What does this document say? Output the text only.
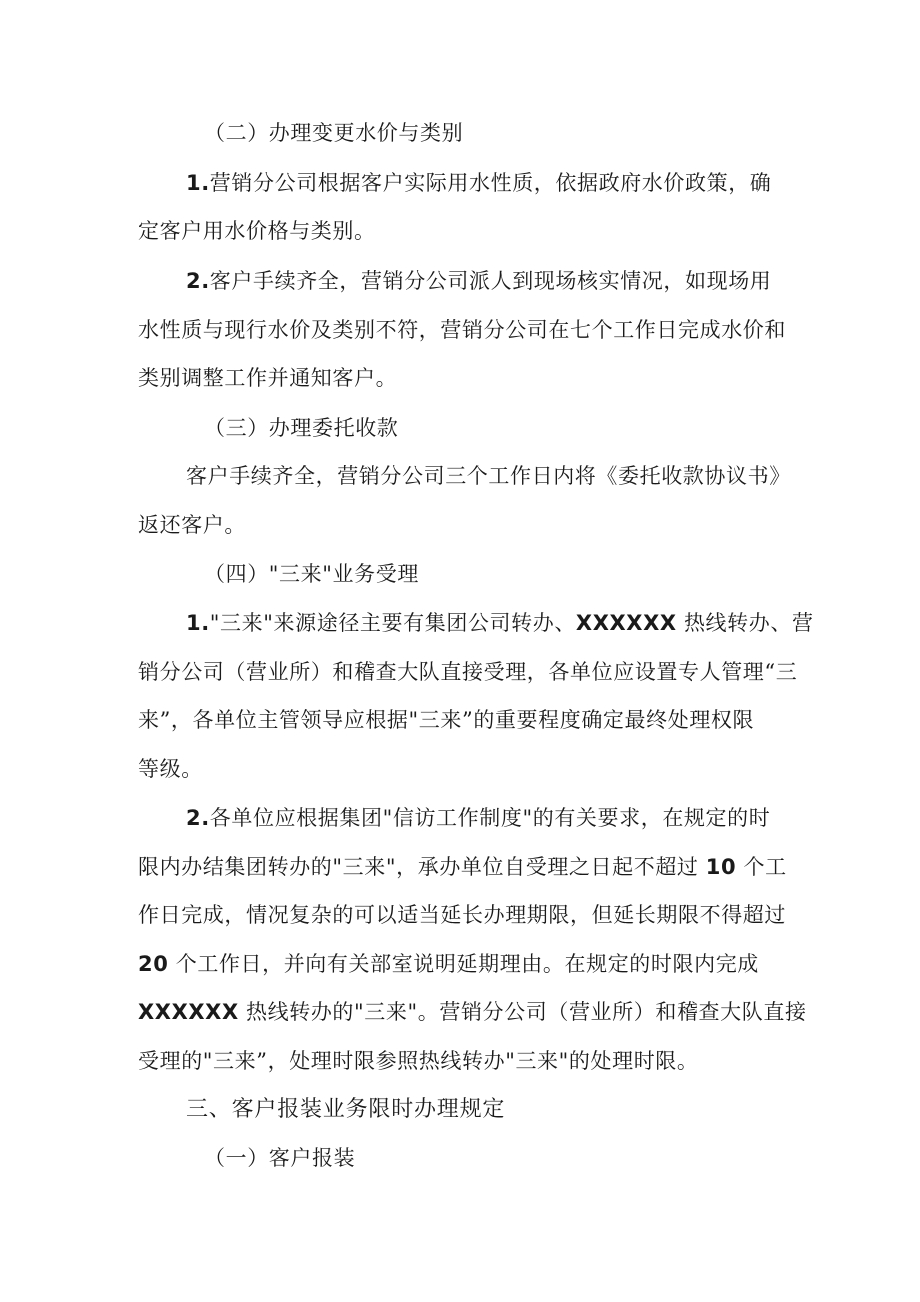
（二）办理变更水价与类别
1.营销分公司根据客户实际用水性质，依据政府水价政策，确
定客户用水价格与类别。
2.客户手续齐全，营销分公司派人到现场核实情况，如现场用
水性质与现行水价及类别不符，营销分公司在七个工作日完成水价和
类别调整工作并通知客户。
（三）办理委托收款
客户手续齐全，营销分公司三个工作日内将《委托收款协议书》
返还客户。
（四）"三来"业务受理
1."三来"来源途径主要有集团公司转办、XXXXXX 热线转办、营
销分公司（营业所）和稽查大队直接受理，各单位应设置专人管理“三
来”，各单位主管领导应根据"三来”的重要程度确定最终处理权限
等级。
2.各单位应根据集团"信访工作制度"的有关要求，在规定的时
限内办结集团转办的"三来"，承办单位自受理之日起不超过 10 个工
作日完成，情况复杂的可以适当延长办理期限，但延长期限不得超过
20 个工作日，并向有关部室说明延期理由。在规定的时限内完成
XXXXXX 热线转办的"三来"。营销分公司（营业所）和稽查大队直接
受理的"三来”，处理时限参照热线转办"三来"的处理时限。
三、客户报装业务限时办理规定
（一）客户报装
